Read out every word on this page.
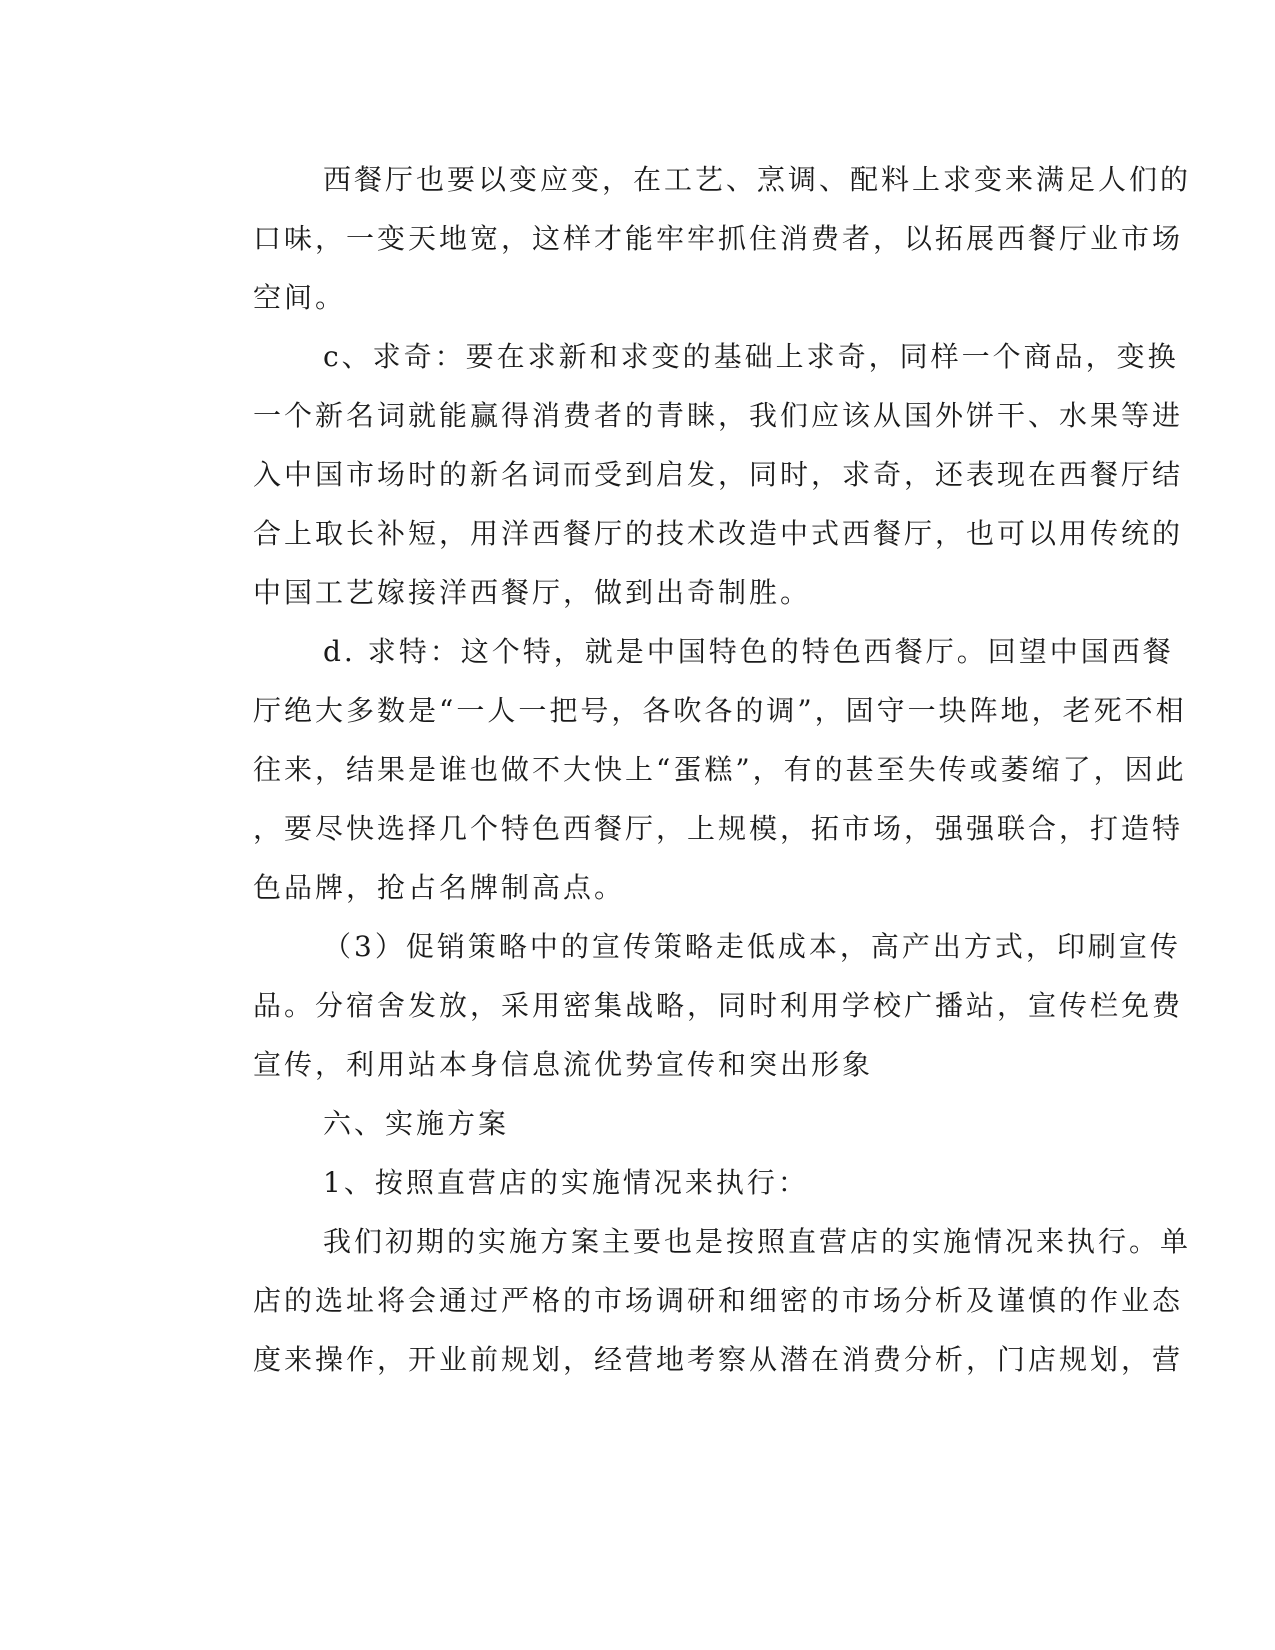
西餐厅也要以变应变，在工艺、烹调、配料上求变来满足人们的
口味，一变天地宽，这样才能牢牢抓住消费者，以拓展西餐厅业市场
空间。
c、求奇：要在求新和求变的基础上求奇，同样一个商品，变换
一个新名词就能赢得消费者的青睐，我们应该从国外饼干、水果等进
入中国市场时的新名词而受到启发，同时，求奇，还表现在西餐厅结
合上取长补短，用洋西餐厅的技术改造中式西餐厅，也可以用传统的
中国工艺嫁接洋西餐厅，做到出奇制胜。
d. 求特：这个特，就是中国特色的特色西餐厅。回望中国西餐
厅绝大多数是“一人一把号，各吹各的调”，固守一块阵地，老死不相
往来，结果是谁也做不大快上“蛋糕”，有的甚至失传或萎缩了，因此
，要尽快选择几个特色西餐厅，上规模，拓市场，强强联合，打造特
色品牌，抢占名牌制高点。
（3）促销策略中的宣传策略走低成本，高产出方式，印刷宣传
品。分宿舍发放，采用密集战略，同时利用学校广播站，宣传栏免费
宣传，利用站本身信息流优势宣传和突出形象
六、实施方案
1、按照直营店的实施情况来执行：
我们初期的实施方案主要也是按照直营店的实施情况来执行。单
店的选址将会通过严格的市场调研和细密的市场分析及谨慎的作业态
度来操作，开业前规划，经营地考察从潜在消费分析，门店规划，营
